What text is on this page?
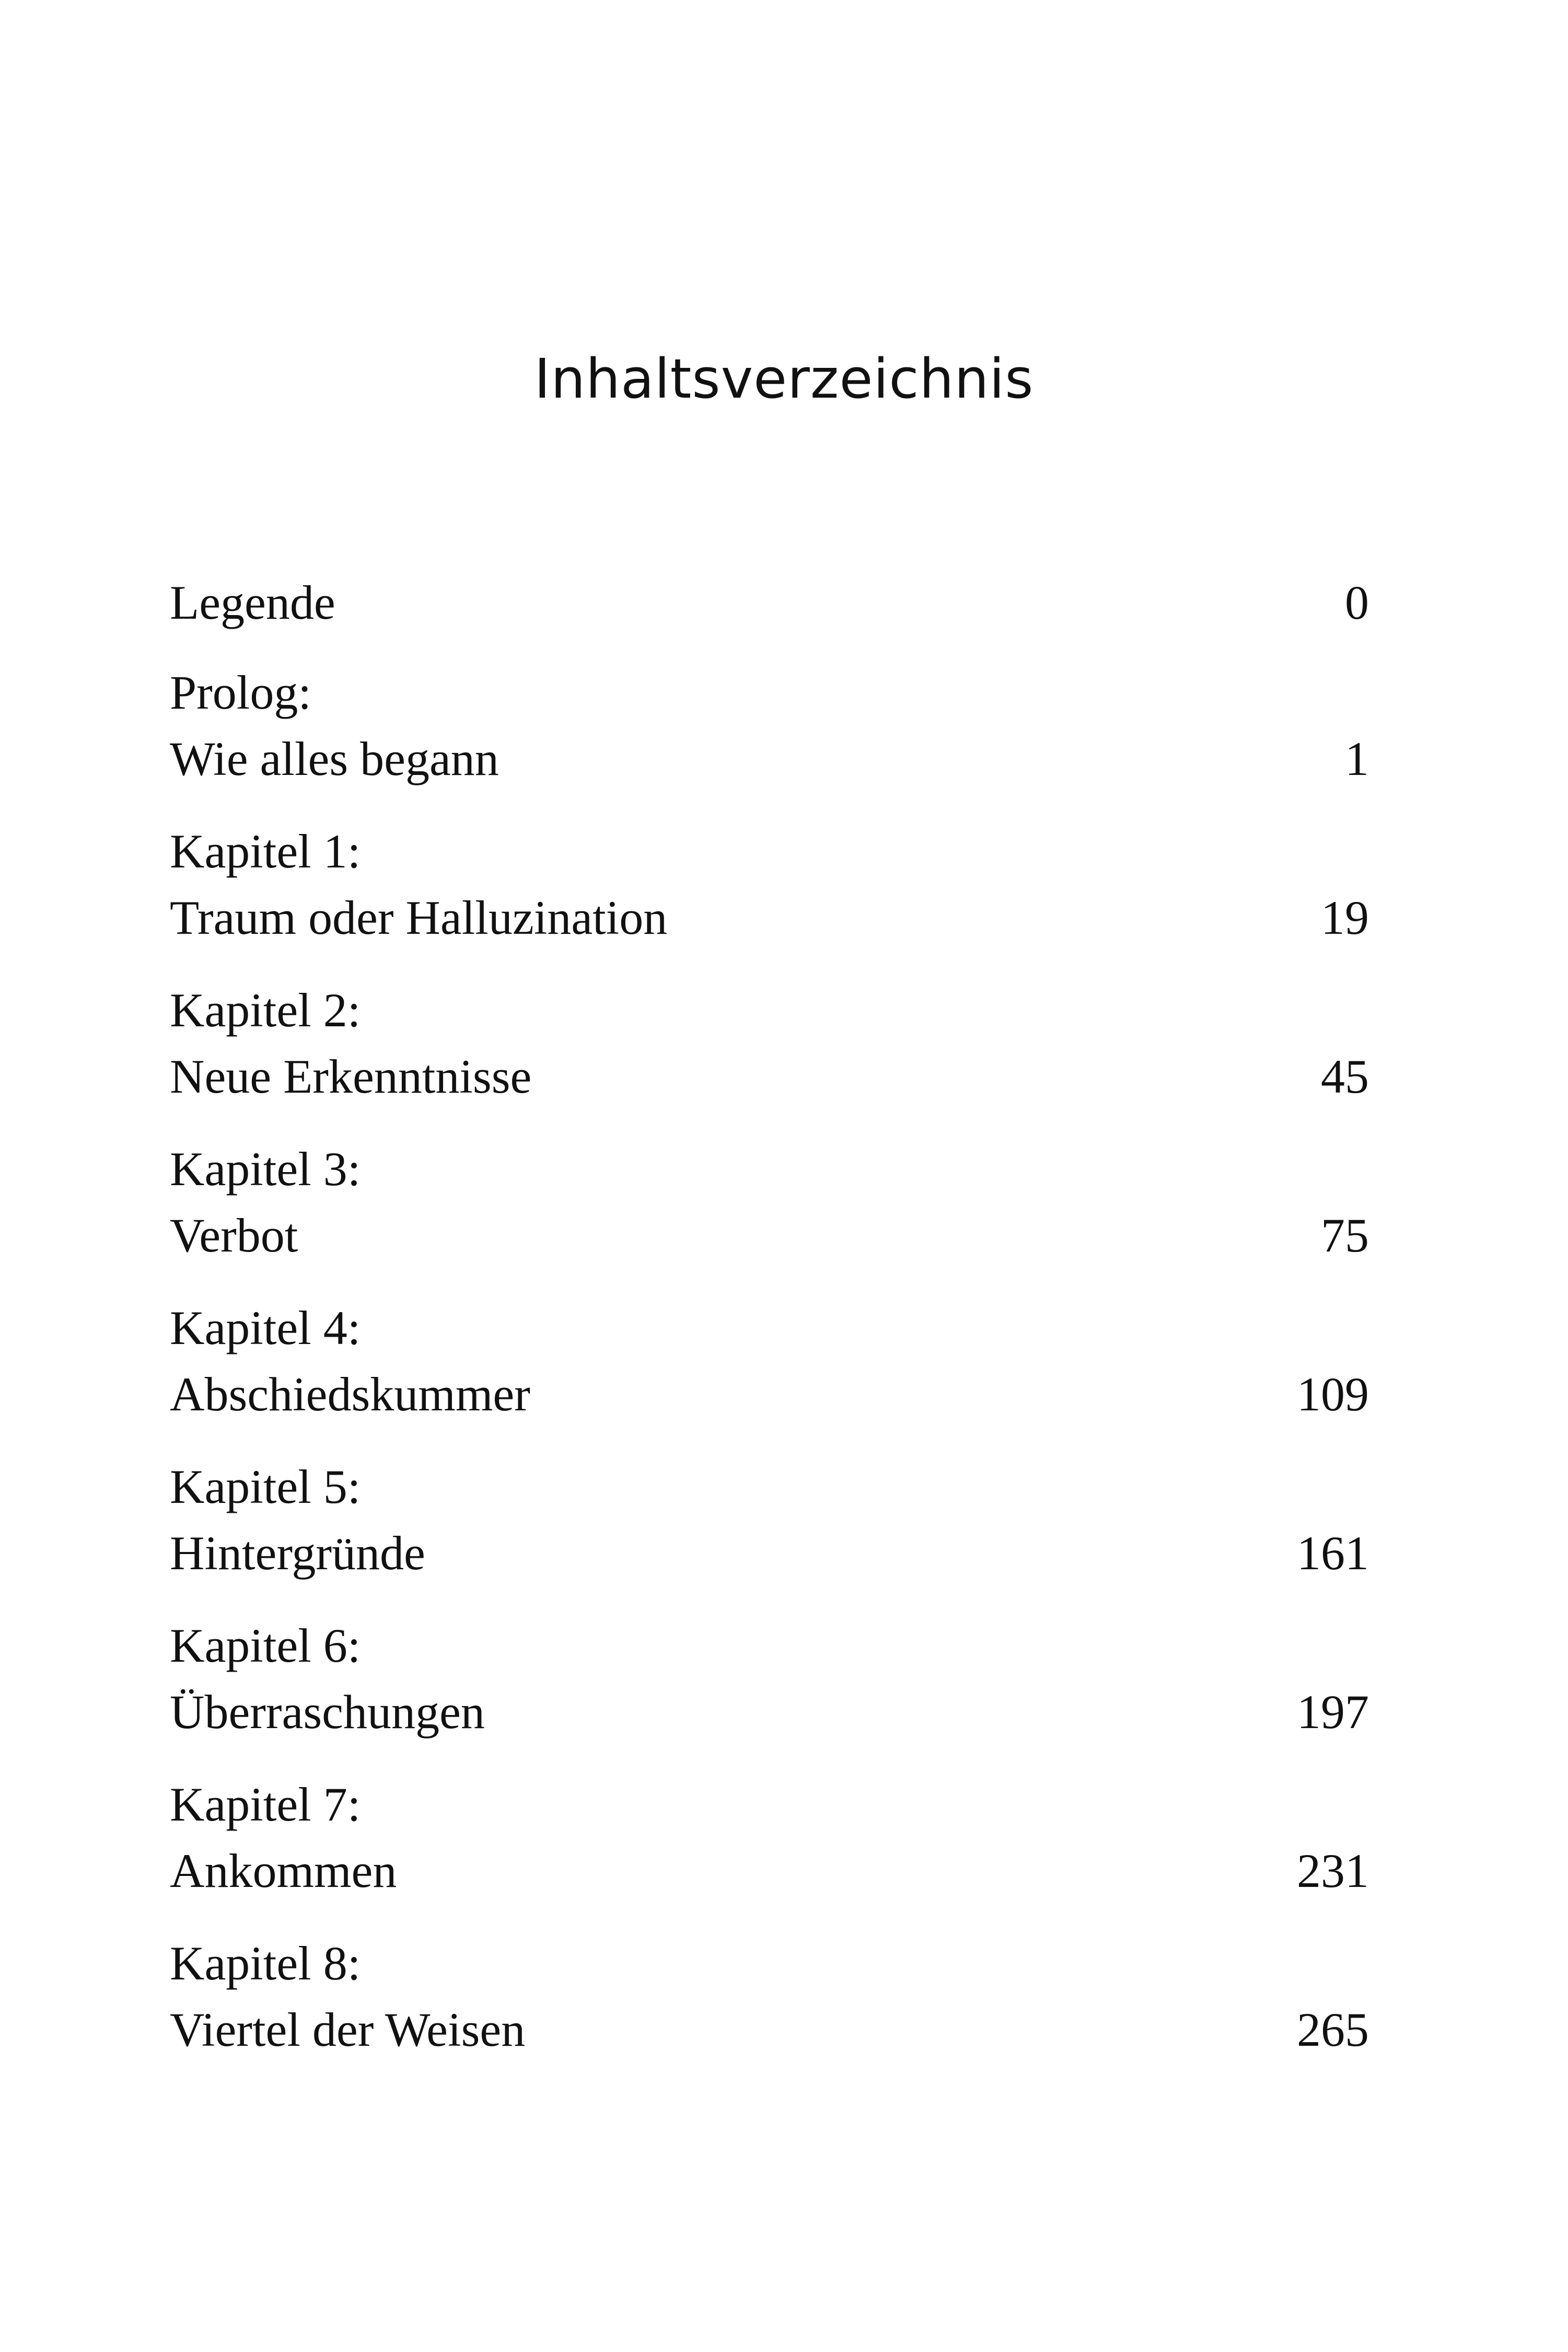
Inhaltsverzeichnis
Legende	0
Prolog:
Wie alles begann	1
Kapitel 1:
Traum oder Halluzination	19
Kapitel 2:
Neue Erkenntnisse	45
Kapitel 3:
Verbot	75
Kapitel 4:
Abschiedskummer	109
Kapitel 5:
Hintergründe	161
Kapitel 6:
Überraschungen	197
Kapitel 7:
Ankommen	231
Kapitel 8:
Viertel der Weisen	265
